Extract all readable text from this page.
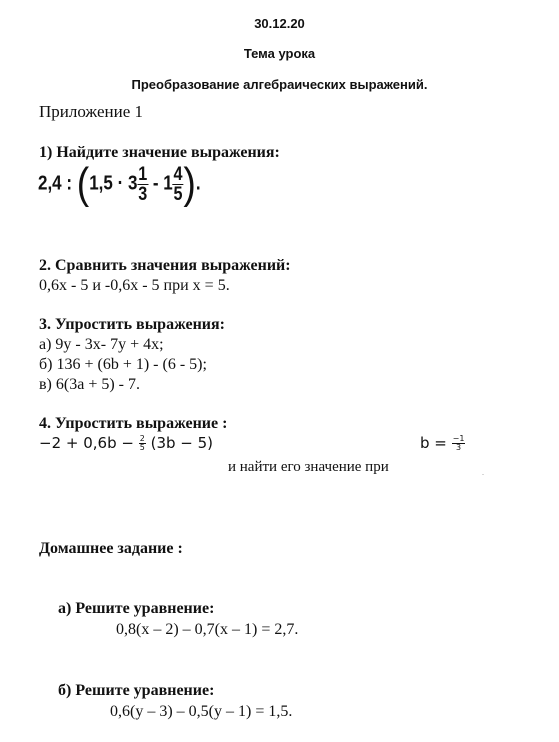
30.12.20
Тема урока
Преобразование алгебраических выражений.
Приложение 1
1) Найдите значение выражения:
2,4 : ($1,5 \cdot 3 \frac{1}{3} - 1 \frac{4}{5}$ ).
2. Сравнить значения выражений:
0,6x - 5 и -0,6x - 5 при x = 5.
3. Упростить выражения:
а) 9y - 3x- 7y + 4x;
б) 136 + (6b + 1) - (6 - 5);
в) 6(3a + 5) - 7.
4. Упростить выражение :
$-2 + 0,6b - \frac{2}{5} (3b - 5)$	$b = \frac{-1}{3}$
и найти его значение при	.
Домашнее задание :
а) Решите уравнение:
0,8(x – 2) – 0,7(x – 1) = 2,7.
б) Решите уравнение:
0,6(y – 3) – 0,5(y – 1) = 1,5.
